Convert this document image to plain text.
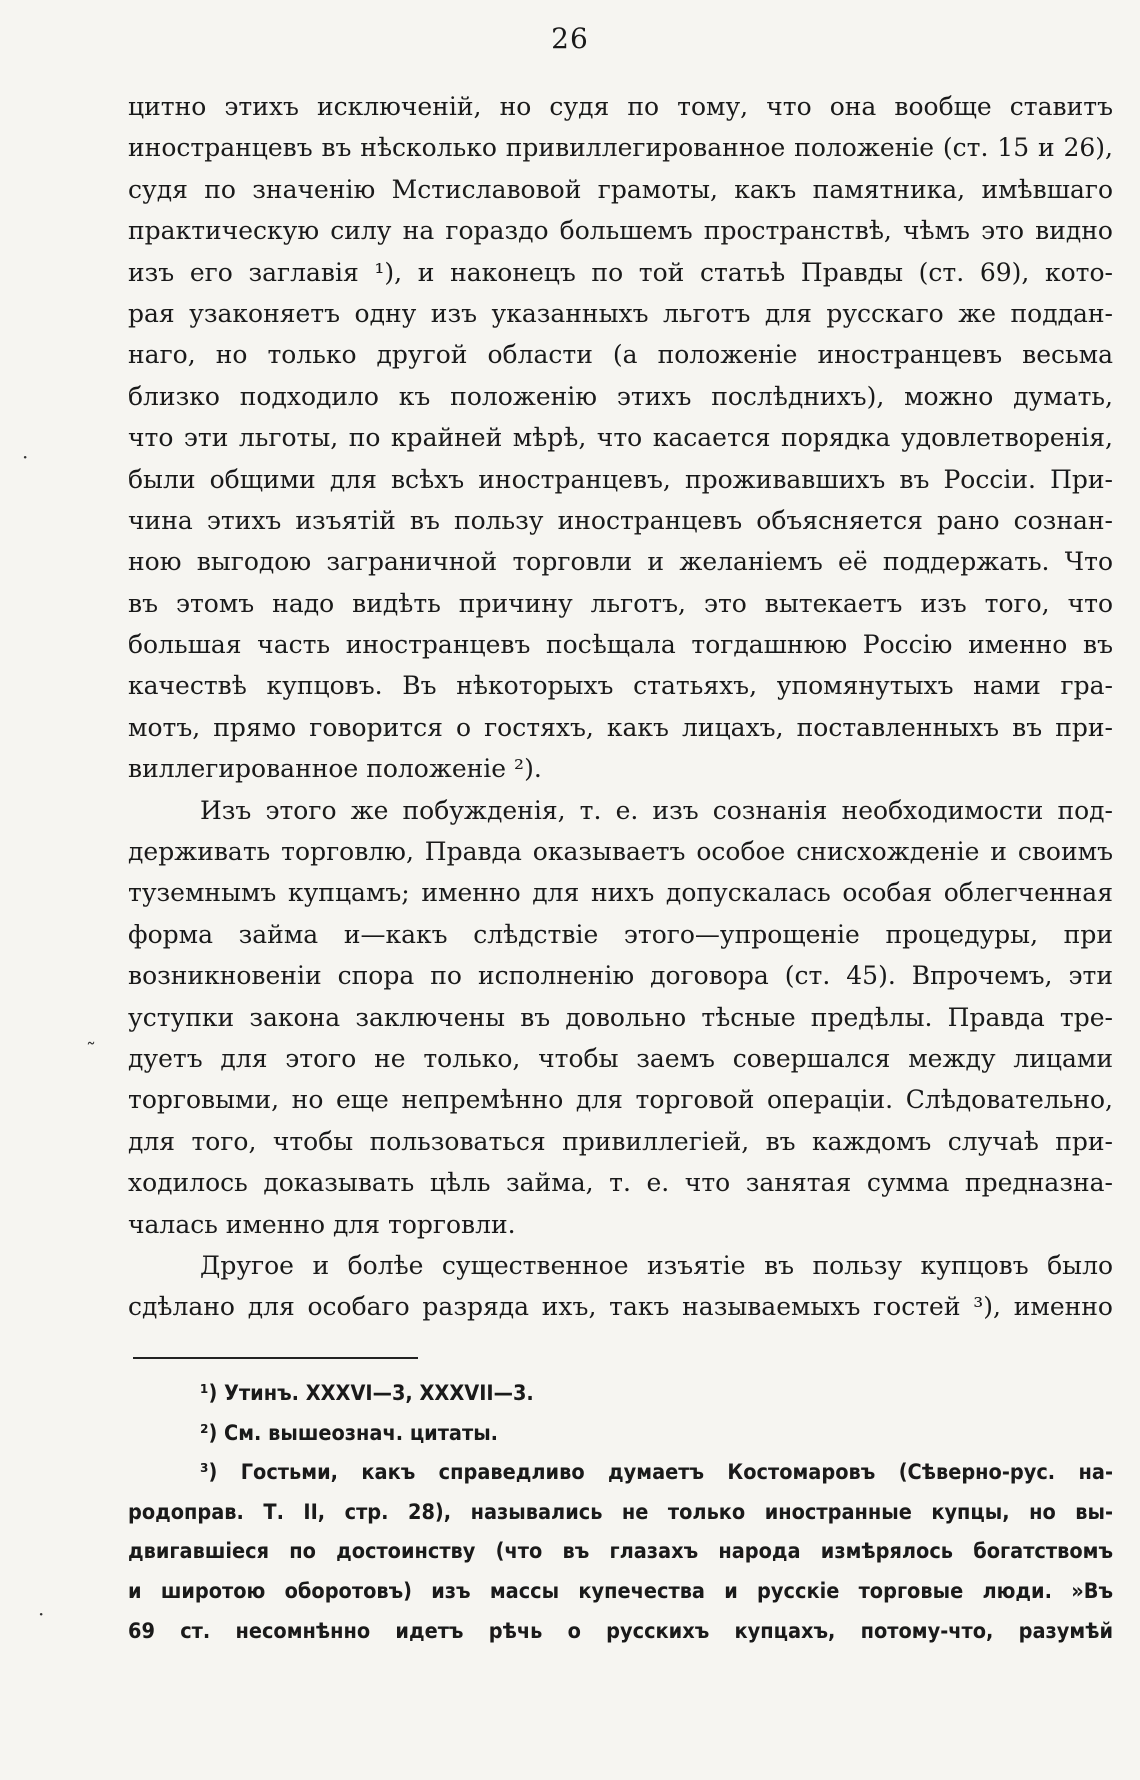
26
цитно этихъ исключеній, но судя по тому, что она вообще ставитъ
иностранцевъ въ нѣсколько привиллегированное положеніе (ст. 15 и 26),
судя по значенію Мстиславовой грамоты, какъ памятника, имѣвшаго
практическую силу на гораздо большемъ пространствѣ, чѣмъ это видно
изъ его заглавія ¹), и наконецъ по той статьѣ Правды (ст. 69), кото-
рая узаконяетъ одну изъ указанныхъ льготъ для русскаго же поддан-
наго, но только другой области (а положеніе иностранцевъ весьма
близко подходило къ положенію этихъ послѣднихъ), можно думать,
что эти льготы, по крайней мѣрѣ, что касается порядка удовлетворенія,
были общими для всѣхъ иностранцевъ, проживавшихъ въ Россіи. При-
чина этихъ изъятій въ пользу иностранцевъ объясняется рано сознан-
ною выгодою заграничной торговли и желаніемъ её поддержать. Что
въ этомъ надо видѣть причину льготъ, это вытекаетъ изъ того, что
большая часть иностранцевъ посѣщала тогдашнюю Россію именно въ
качествѣ купцовъ. Въ нѣкоторыхъ статьяхъ, упомянутыхъ нами гра-
мотъ, прямо говорится о гостяхъ, какъ лицахъ, поставленныхъ въ при-
виллегированное положеніе ²).
Изъ этого же побужденія, т. е. изъ сознанія необходимости под-
держивать торговлю, Правда оказываетъ особое снисхожденіе и своимъ
туземнымъ купцамъ; именно для нихъ допускалась особая облегченная
форма займа и—какъ слѣдствіе этого—упрощеніе процедуры, при
возникновеніи спора по исполненію договора (ст. 45). Впрочемъ, эти
уступки закона заключены въ довольно тѣсные предѣлы. Правда тре-
дуетъ для этого не только, чтобы заемъ совершался между лицами
торговыми, но еще непремѣнно для торговой операціи. Слѣдовательно,
для того, чтобы пользоваться привиллегіей, въ каждомъ случаѣ при-
ходилось доказывать цѣль займа, т. е. что занятая сумма предназна-
чалась именно для торговли.
Другое и болѣе существенное изъятіе въ пользу купцовъ было
сдѣлано для особаго разряда ихъ, такъ называемыхъ гостей ³), именно
¹) Утинъ. XXXVI—3, XXXVII—3.
²) См. вышеознач. цитаты.
³) Гостьми, какъ справедливо думаетъ Костомаровъ (Сѣверно-рус. на-
родоправ. Т. II, стр. 28), назывались не только иностранные купцы, но вы-
двигавшіеся по достоинству (что въ глазахъ народа измѣрялось богатствомъ
и широтою оборотовъ) изъ массы купечества и русскіе торговые люди. »Въ
69 ст. несомнѣнно идетъ рѣчь о русскихъ купцахъ, потому-что, разумѣй
·
˜
·
